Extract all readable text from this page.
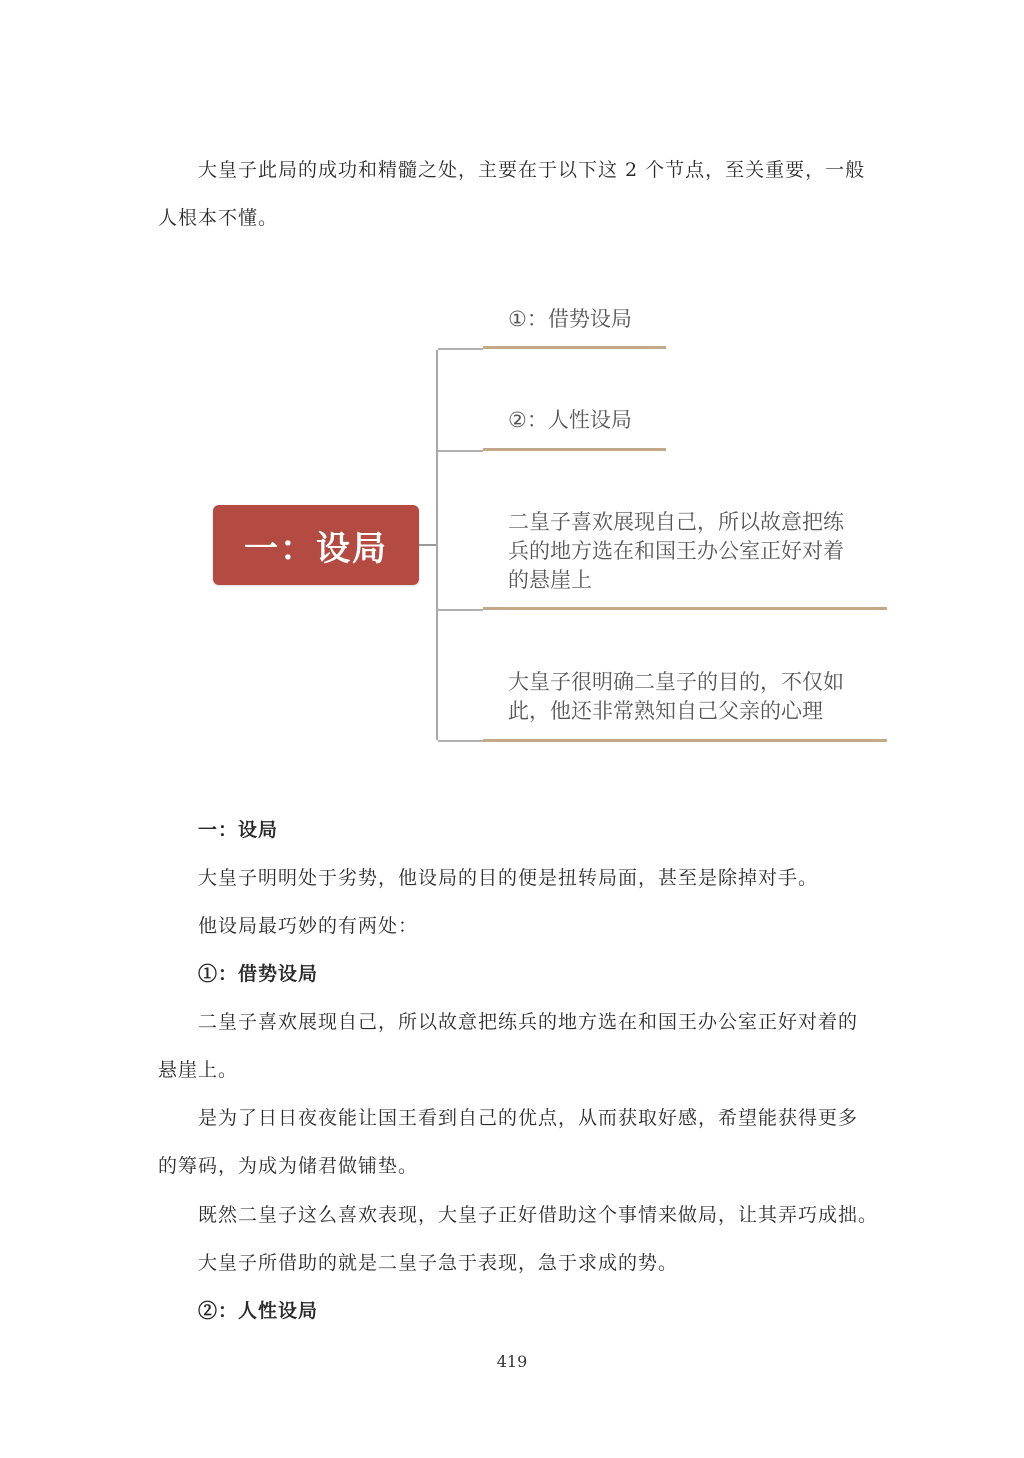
大皇子此局的成功和精髓之处，主要在于以下这 2 个节点，至关重要，一般

人根本不懂。

一：设局

①：借势设局

②：人性设局

二皇子喜欢展现自己，所以故意把练兵的地方选在和国王办公室正好对着的悬崖上

大皇子很明确二皇子的目的，不仅如此，他还非常熟知自己父亲的心理

一：设局

大皇子明明处于劣势，他设局的目的便是扭转局面，甚至是除掉对手。

他设局最巧妙的有两处：

①：借势设局

二皇子喜欢展现自己，所以故意把练兵的地方选在和国王办公室正好对着的悬崖上。

是为了日日夜夜能让国王看到自己的优点，从而获取好感，希望能获得更多的筹码，为成为储君做铺垫。

既然二皇子这么喜欢表现，大皇子正好借助这个事情来做局，让其弄巧成拙。

大皇子所借助的就是二皇子急于表现，急于求成的势。

②：人性设局

419
